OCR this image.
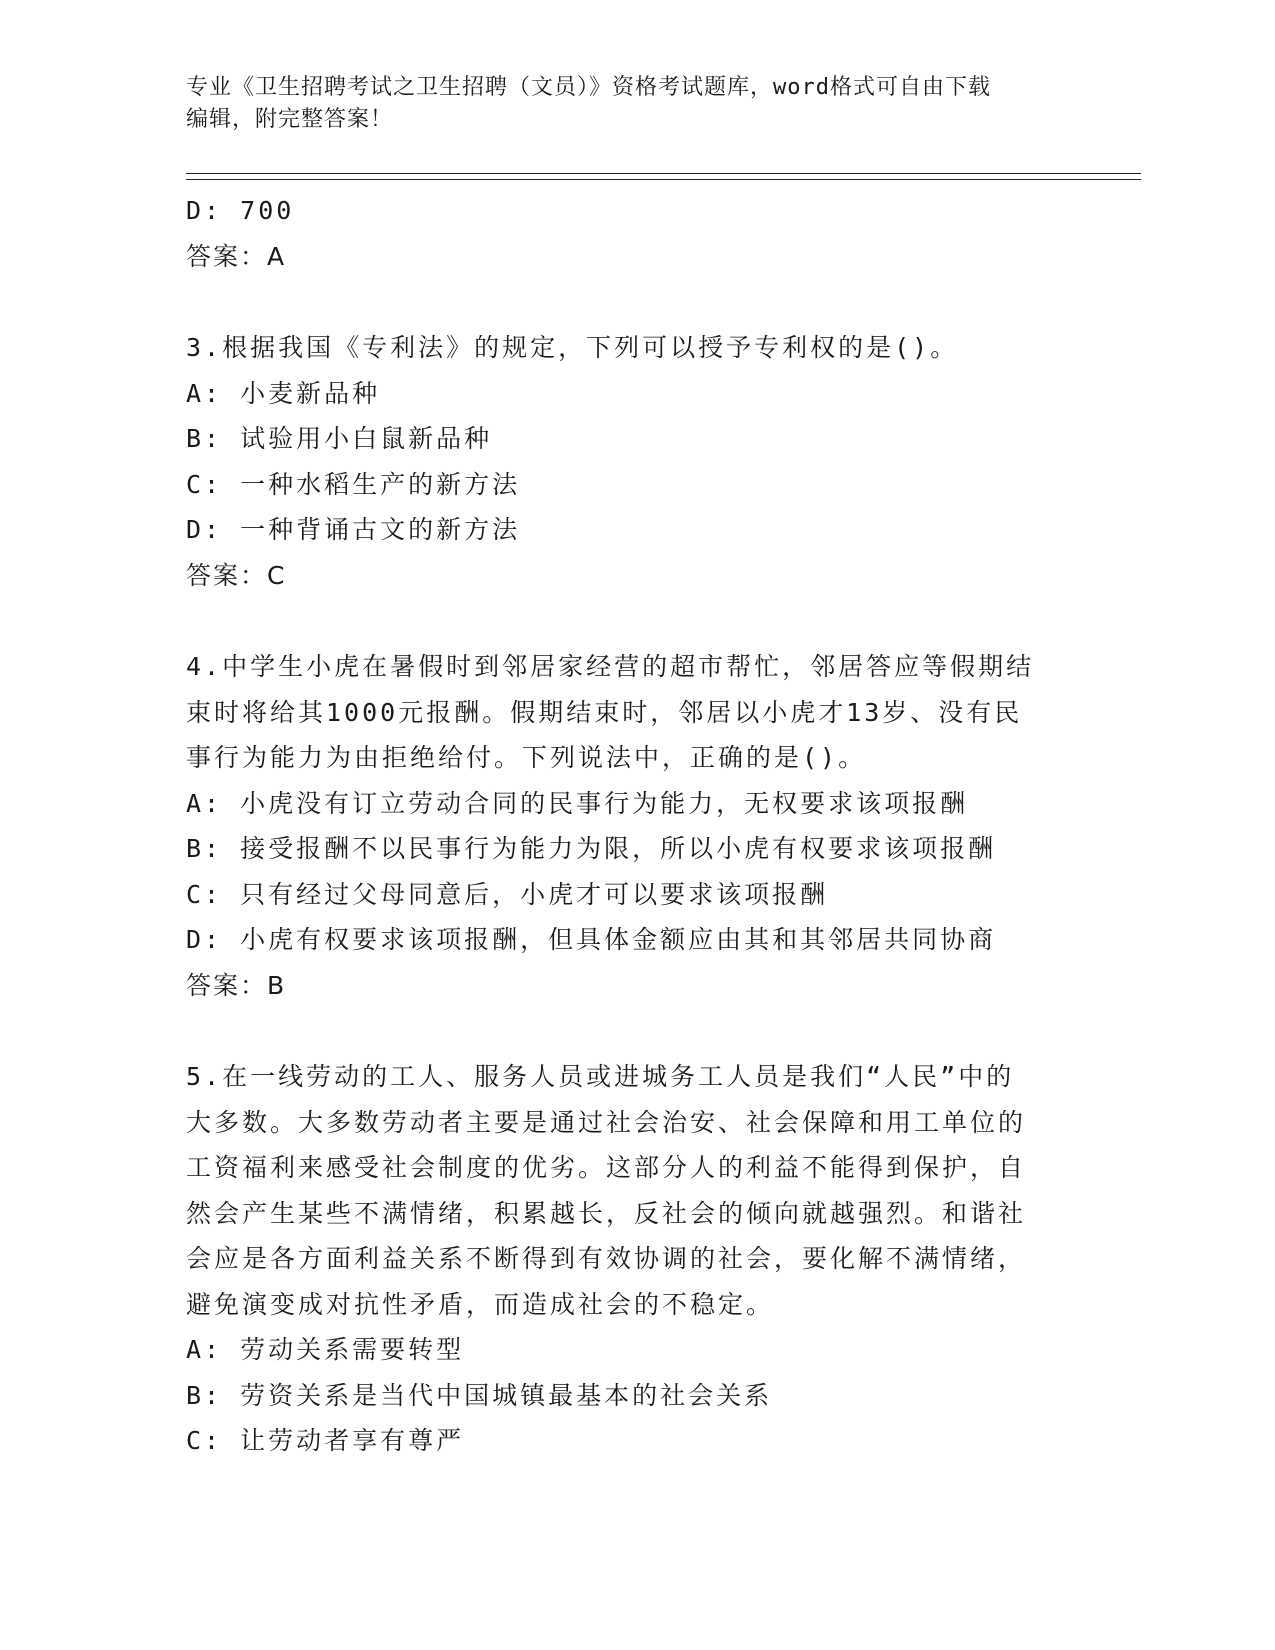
专业《卫生招聘考试之卫生招聘（文员）》资格考试题库，word格式可自由下载
编辑，附完整答案！
D: 700
答案：A
3.根据我国《专利法》的规定，下列可以授予专利权的是()。
A: 小麦新品种
B: 试验用小白鼠新品种
C: 一种水稻生产的新方法
D: 一种背诵古文的新方法
答案：C
4.中学生小虎在暑假时到邻居家经营的超市帮忙，邻居答应等假期结
束时将给其1000元报酬。假期结束时，邻居以小虎才13岁、没有民
事行为能力为由拒绝给付。下列说法中，正确的是()。
A: 小虎没有订立劳动合同的民事行为能力，无权要求该项报酬
B: 接受报酬不以民事行为能力为限，所以小虎有权要求该项报酬
C: 只有经过父母同意后，小虎才可以要求该项报酬
D: 小虎有权要求该项报酬，但具体金额应由其和其邻居共同协商
答案：B
5.在一线劳动的工人、服务人员或进城务工人员是我们“人民”中的
大多数。大多数劳动者主要是通过社会治安、社会保障和用工单位的
工资福利来感受社会制度的优劣。这部分人的利益不能得到保护，自
然会产生某些不满情绪，积累越长，反社会的倾向就越强烈。和谐社
会应是各方面利益关系不断得到有效协调的社会，要化解不满情绪，
避免演变成对抗性矛盾，而造成社会的不稳定。
A: 劳动关系需要转型
B: 劳资关系是当代中国城镇最基本的社会关系
C: 让劳动者享有尊严
